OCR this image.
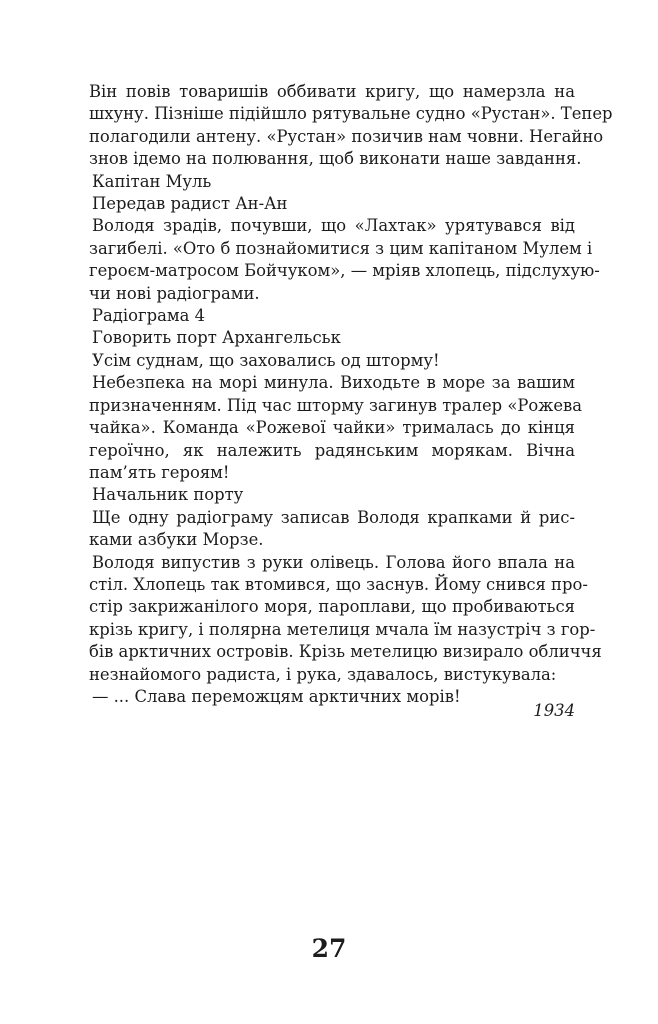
Він повів товаришів оббивати кригу, що намерзла на
шхуну. Пізніше підійшло рятувальне судно «Рустан». Тепер
полагодили антену. «Рустан» позичив нам човни. Негайно
знов ідемо на полювання, щоб виконати наше завдання.
Капітан Муль
Передав радист Ан-Ан
Володя зрадів, почувши, що «Лахтак» урятувався від
загибелі. «Ото б познайомитися з цим капітаном Мулем і
героєм-матросом Бойчуком», — мріяв хлопець, підслухую-
чи нові радіограми.
Радіограма 4
Говорить порт Архангельськ
Усім суднам, що заховались од шторму!
Небезпека на морі минула. Виходьте в море за вашим
призначенням. Під час шторму загинув тралер «Рожева
чайка». Команда «Рожевої чайки» трималась до кінця
героїчно, як належить радянським морякам. Вічна
пам’ять героям!
Начальник порту
Ще одну радіограму записав Володя крапками й рис-
ками азбуки Морзе.
Володя випустив з руки олівець. Голова його впала на
стіл. Хлопець так втомився, що заснув. Йому снився про-
стір закрижанілого моря, пароплави, що пробиваються
крізь кригу, і полярна метелиця мчала їм назустріч з гор-
бів арктичних островів. Крізь метелицю визирало обличчя
незнайомого радиста, і рука, здавалось, вистукувала:
— ... Слава переможцям арктичних морів!
1934
27
